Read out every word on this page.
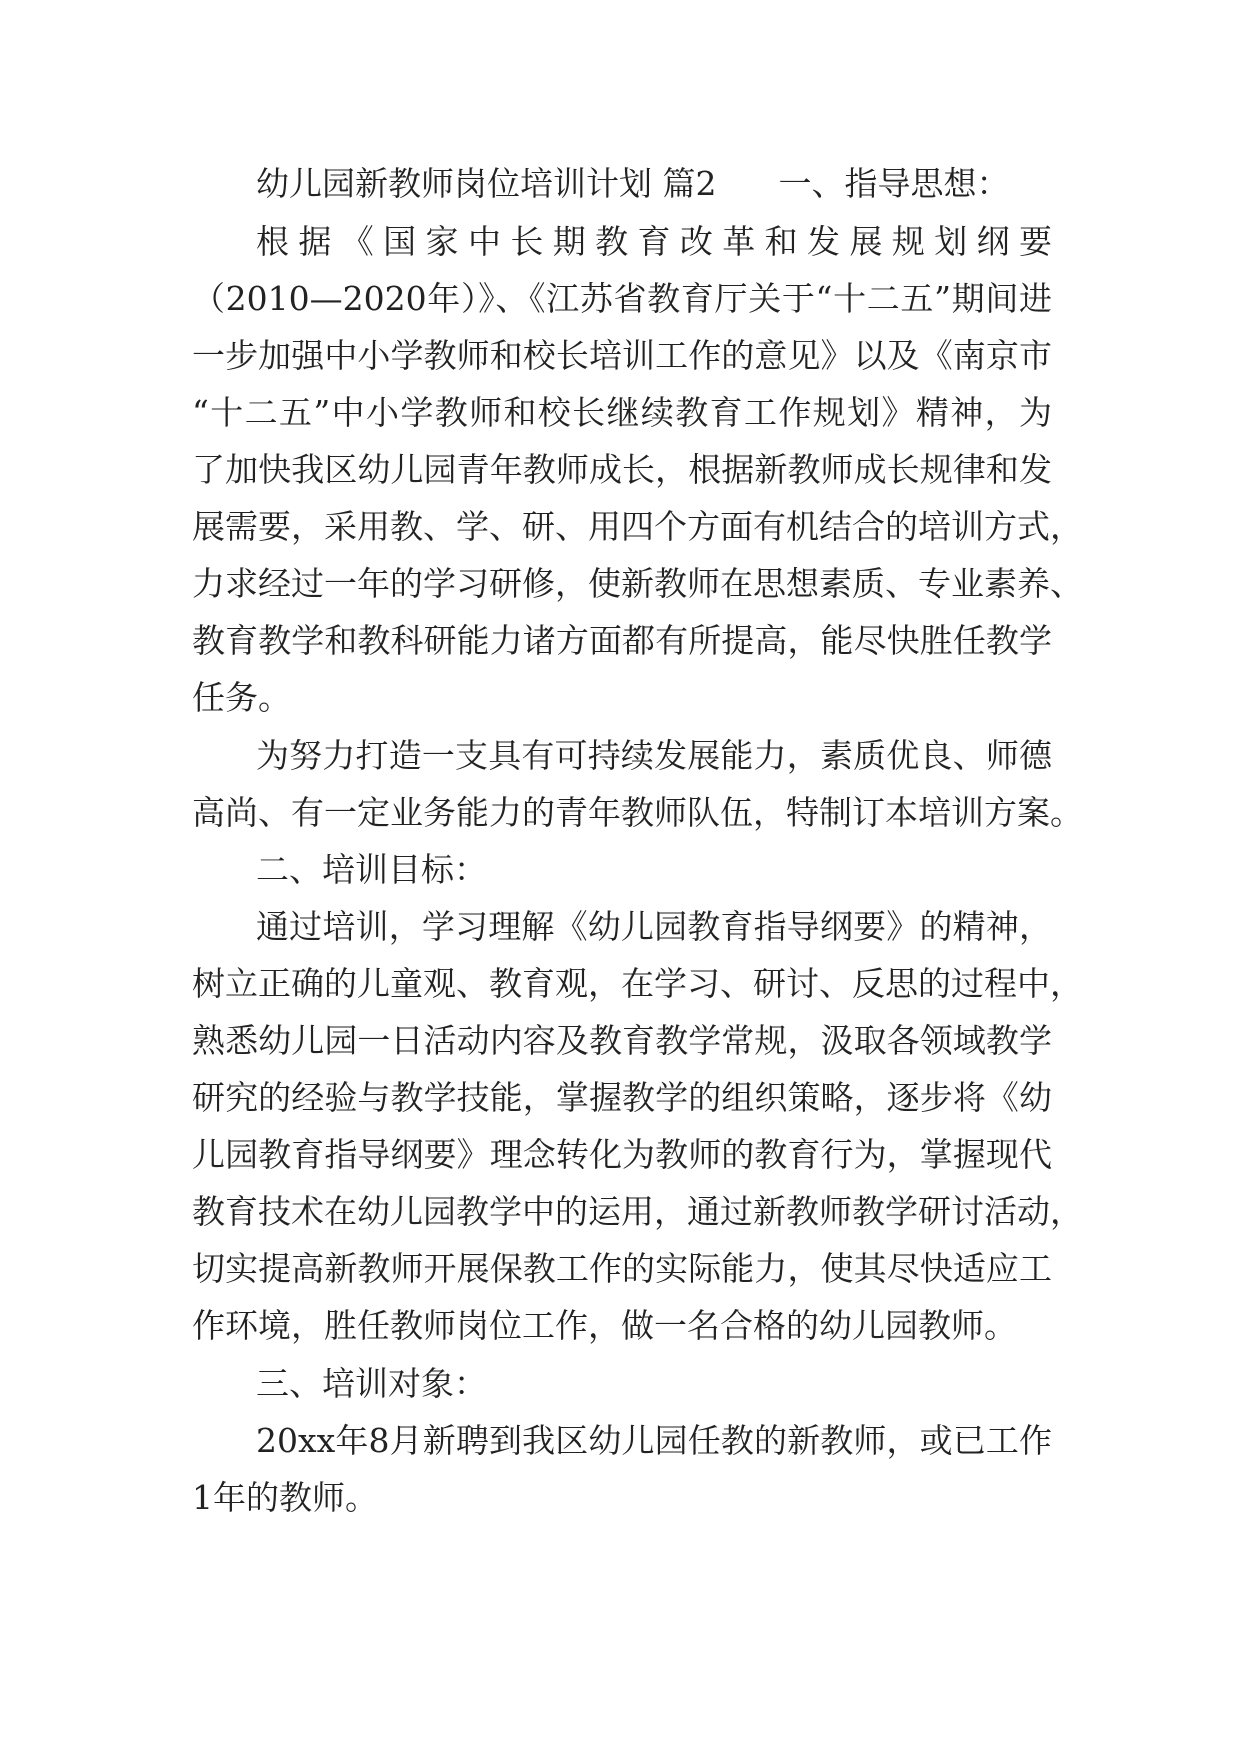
幼儿园新教师岗位培训计划 篇2 一、指导思想：
根据《国家中长期教育改革和发展规划纲要
（2010—2020年）》、《江苏省教育厅关于“十二五”期间进
一步加强中小学教师和校长培训工作的意见》以及《南京市
“十二五”中小学教师和校长继续教育工作规划》精神，为
了加快我区幼儿园青年教师成长，根据新教师成长规律和发
展需要，采用教、学、研、用四个方面有机结合的培训方式，
力求经过一年的学习研修，使新教师在思想素质、专业素养、
教育教学和教科研能力诸方面都有所提高，能尽快胜任教学
任务。
为努力打造一支具有可持续发展能力，素质优良、师德
高尚、有一定业务能力的青年教师队伍，特制订本培训方案。
二、培训目标：
通过培训，学习理解《幼儿园教育指导纲要》的精神，
树立正确的儿童观、教育观，在学习、研讨、反思的过程中，
熟悉幼儿园一日活动内容及教育教学常规，汲取各领域教学
研究的经验与教学技能，掌握教学的组织策略，逐步将《幼
儿园教育指导纲要》理念转化为教师的教育行为，掌握现代
教育技术在幼儿园教学中的运用，通过新教师教学研讨活动，
切实提高新教师开展保教工作的实际能力，使其尽快适应工
作环境，胜任教师岗位工作，做一名合格的幼儿园教师。
三、培训对象：
20xx年8月新聘到我区幼儿园任教的新教师，或已工作
1年的教师。
